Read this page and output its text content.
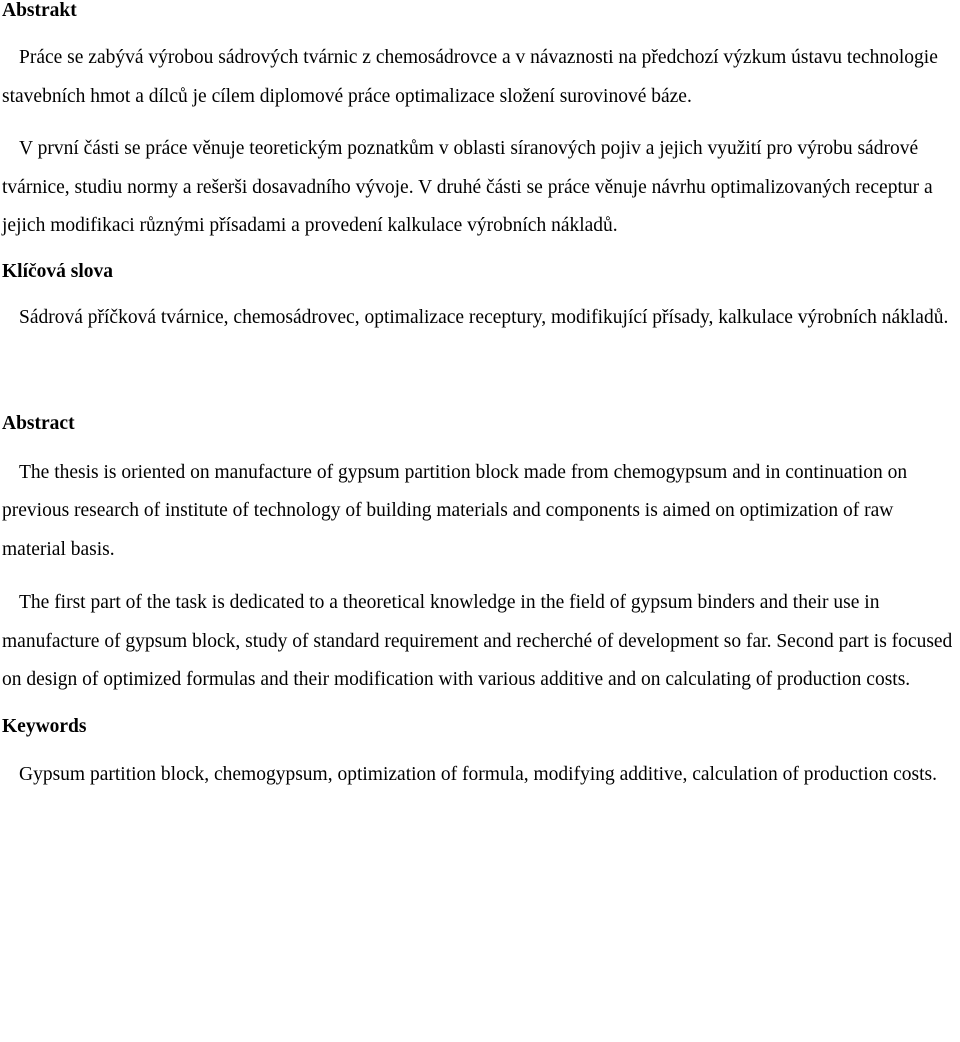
Abstrakt

Práce se zabývá výrobou sádrových tvárnic z chemosádrovce a v návaznosti na předchozí výzkum ústavu technologie stavebních hmot a dílců je cílem diplomové práce optimalizace složení surovinové báze.

V první části se práce věnuje teoretickým poznatkům v oblasti síranových pojiv a jejich využití pro výrobu sádrové tvárnice, studiu normy a rešerši dosavadního vývoje. V druhé části se práce věnuje návrhu optimalizovaných receptur a jejich modifikaci různými přísadami a provedení kalkulace výrobních nákladů.

Klíčová slova

Sádrová příčková tvárnice, chemosádrovec, optimalizace receptury, modifikující přísady, kalkulace výrobních nákladů.

Abstract

The thesis is oriented on manufacture of gypsum partition block made from chemogypsum and in continuation on previous research of institute of technology of building materials and components is aimed on optimization of raw material basis.

The first part of the task is dedicated to a theoretical knowledge in the field of gypsum binders and their use in manufacture of gypsum block, study of standard requirement and recherché of development so far. Second part is focused on design of optimized formulas and their modification with various additive and on calculating of production costs.

Keywords

Gypsum partition block, chemogypsum, optimization of formula, modifying additive, calculation of production costs.
